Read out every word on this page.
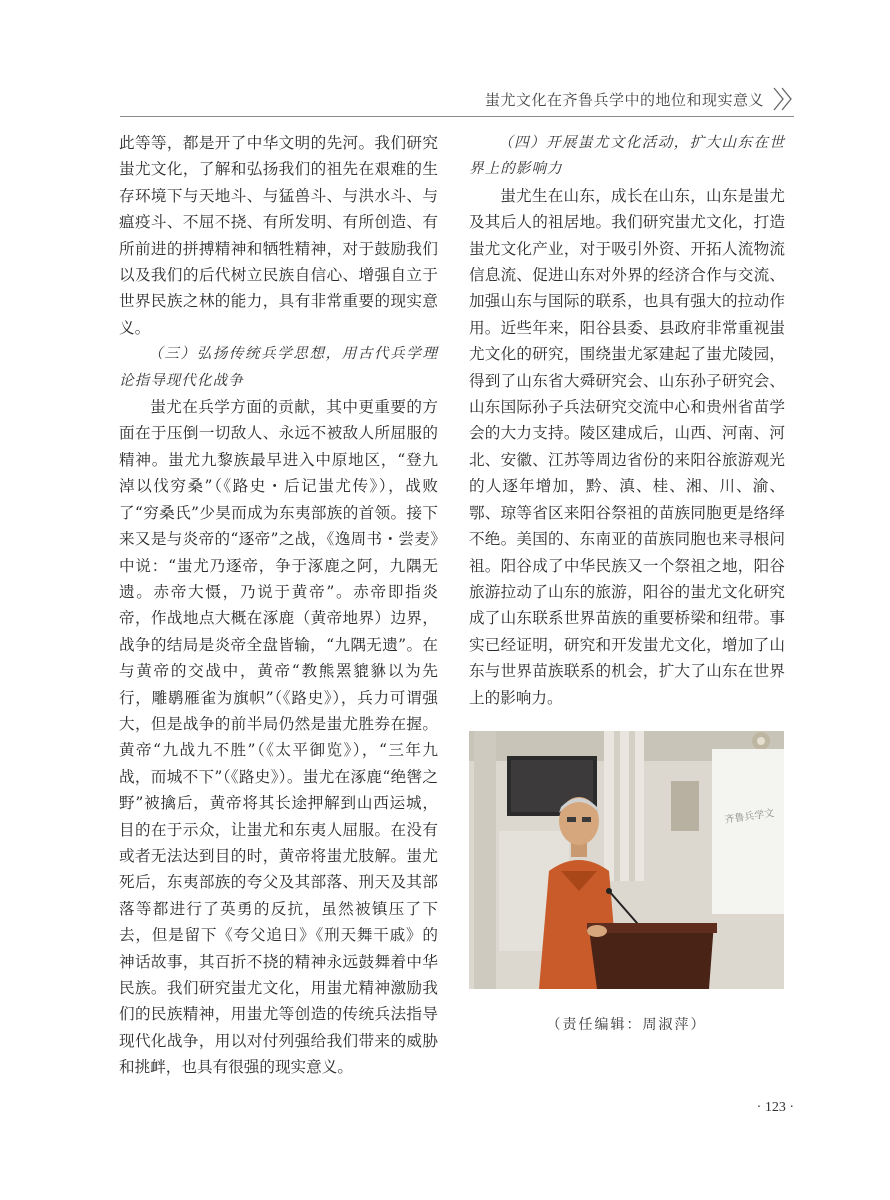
蚩尤文化在齐鲁兵学中的地位和现实意义

此等等，都是开了中华文明的先河。我们研究蚩尤文化，了解和弘扬我们的祖先在艰难的生存环境下与天地斗、与猛兽斗、与洪水斗、与瘟疫斗、不屈不挠、有所发明、有所创造、有所前进的拼搏精神和牺牲精神，对于鼓励我们以及我们的后代树立民族自信心、增强自立于世界民族之林的能力，具有非常重要的现实意义。

（三）弘扬传统兵学思想，用古代兵学理论指导现代化战争

蚩尤在兵学方面的贡献，其中更重要的方面在于压倒一切敌人、永远不被敌人所屈服的精神。蚩尤九黎族最早进入中原地区，“登九淖以伐穷桑”（《路史・后记蚩尤传》），战败了“穷桑氏”少昊而成为东夷部族的首领。接下来又是与炎帝的“逐帝”之战，《逸周书・尝麦》中说：“蚩尤乃逐帝，争于涿鹿之阿，九隅无遗。赤帝大慑，乃说于黄帝”。赤帝即指炎帝，作战地点大概在涿鹿（黄帝地界）边界，战争的结局是炎帝全盘皆输，“九隅无遗”。在与黄帝的交战中，黄帝“教熊罴貔貅以为先行，雕鹖雁雀为旗帜”（《路史》），兵力可谓强大，但是战争的前半局仍然是蚩尤胜券在握。黄帝“九战九不胜”（《太平御览》），“三年九战，而城不下”（《路史》）。蚩尤在涿鹿“绝辔之野”被擒后，黄帝将其长途押解到山西运城，目的在于示众，让蚩尤和东夷人屈服。在没有或者无法达到目的时，黄帝将蚩尤肢解。蚩尤死后，东夷部族的夸父及其部落、刑天及其部落等都进行了英勇的反抗，虽然被镇压了下去，但是留下《夸父追日》《刑天舞干戚》的神话故事，其百折不挠的精神永远鼓舞着中华民族。我们研究蚩尤文化，用蚩尤精神激励我们的民族精神，用蚩尤等创造的传统兵法指导现代化战争，用以对付列强给我们带来的威胁和挑衅，也具有很强的现实意义。

（四）开展蚩尤文化活动，扩大山东在世界上的影响力

蚩尤生在山东，成长在山东，山东是蚩尤及其后人的祖居地。我们研究蚩尤文化，打造蚩尤文化产业，对于吸引外资、开拓人流物流信息流、促进山东对外界的经济合作与交流、加强山东与国际的联系，也具有强大的拉动作用。近些年来，阳谷县委、县政府非常重视蚩尤文化的研究，围绕蚩尤冢建起了蚩尤陵园，得到了山东省大舜研究会、山东孙子研究会、山东国际孙子兵法研究交流中心和贵州省苗学会的大力支持。陵区建成后，山西、河南、河北、安徽、江苏等周边省份的来阳谷旅游观光的人逐年增加，黔、滇、桂、湘、川、渝、鄂、琼等省区来阳谷祭祖的苗族同胞更是络绎不绝。美国的、东南亚的苗族同胞也来寻根问祖。阳谷成了中华民族又一个祭祖之地，阳谷旅游拉动了山东的旅游，阳谷的蚩尤文化研究成了山东联系世界苗族的重要桥梁和纽带。事实已经证明，研究和开发蚩尤文化，增加了山东与世界苗族联系的机会，扩大了山东在世界上的影响力。

齐鲁兵学文
（责任编辑：周淑萍）
· 123 ·
